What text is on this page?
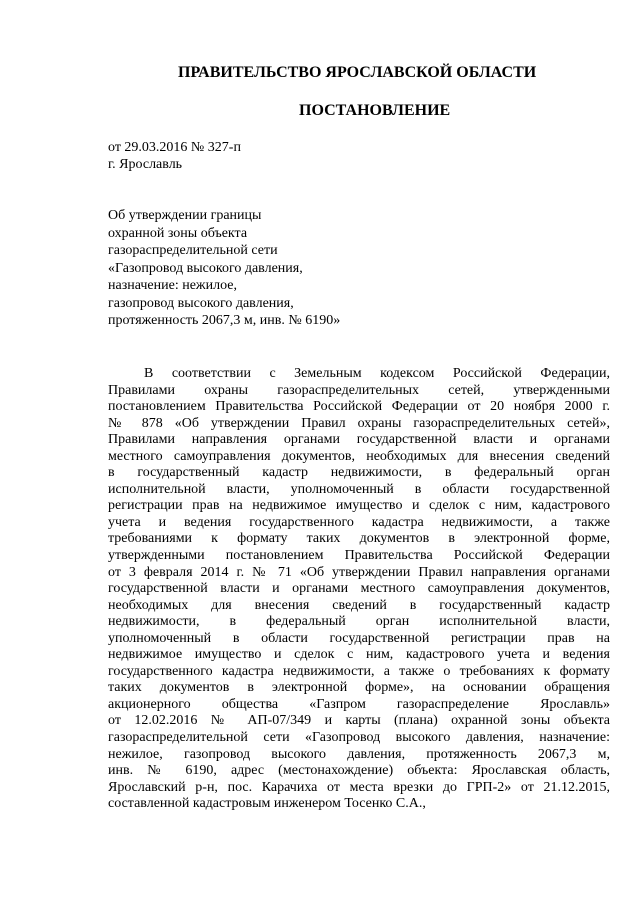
ПРАВИТЕЛЬСТВО ЯРОСЛАВСКОЙ ОБЛАСТИ
ПОСТАНОВЛЕНИЕ
от 29.03.2016 № 327-п
г. Ярославль
Об утверждении границы
охранной зоны объекта
газораспределительной сети
«Газопровод высокого давления,
назначение: нежилое,
газопровод высокого давления,
протяженность 2067,3 м, инв. № 6190»
В соответствии с Земельным кодексом Российской Федерации,
Правилами охраны газораспределительных сетей, утвержденными
постановлением Правительства Российской Федерации от 20 ноября 2000 г.
№ 878 «Об утверждении Правил охраны газораспределительных сетей»,
Правилами направления органами государственной власти и органами
местного самоуправления документов, необходимых для внесения сведений
в государственный кадастр недвижимости, в федеральный орган
исполнительной власти, уполномоченный в области государственной
регистрации прав на недвижимое имущество и сделок с ним, кадастрового
учета и ведения государственного кадастра недвижимости, а также
требованиями к формату таких документов в электронной форме,
утвержденными постановлением Правительства Российской Федерации
от 3 февраля 2014 г. № 71 «Об утверждении Правил направления органами
государственной власти и органами местного самоуправления документов,
необходимых для внесения сведений в государственный кадастр
недвижимости, в федеральный орган исполнительной власти,
уполномоченный в области государственной регистрации прав на
недвижимое имущество и сделок с ним, кадастрового учета и ведения
государственного кадастра недвижимости, а также о требованиях к формату
таких документов в электронной форме», на основании обращения
акционерного общества «Газпром газораспределение Ярославль»
от 12.02.2016 № АП-07/349 и карты (плана) охранной зоны объекта
газораспределительной сети «Газопровод высокого давления, назначение:
нежилое, газопровод высокого давления, протяженность 2067,3 м,
инв. № 6190, адрес (местонахождение) объекта: Ярославская область,
Ярославский р-н, пос. Карачиха от места врезки до ГРП-2» от 21.12.2015,
составленной кадастровым инженером Тосенко С.А.,
